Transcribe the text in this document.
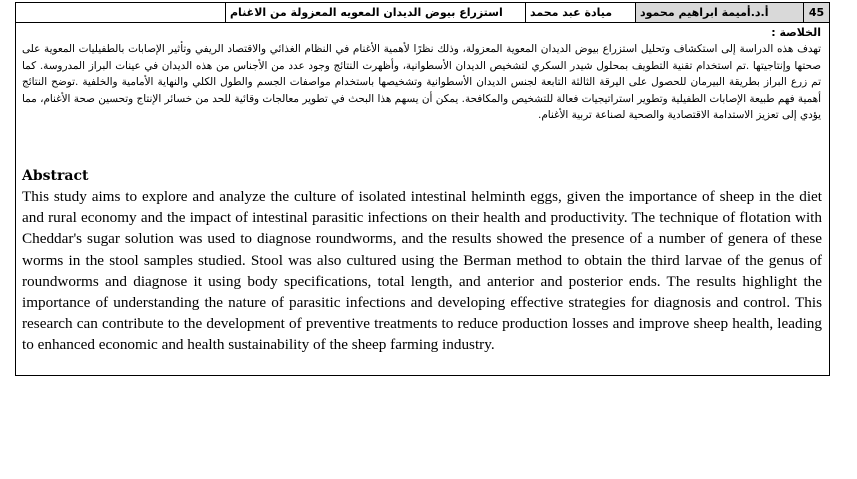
45
أ.د.أميمة ابراهيم محمود
ميادة عبد محمد
استزراع بيوض الديدان المعويه المعزولة من الاغنام
الخلاصة :

تهدف هذه الدراسة إلى استكشاف وتحليل استزراع بيوض الديدان المعوية المعزولة، وذلك نظرًا لأهمية الأغنام في النظام الغذائي والاقتصاد الريفي وتأثير الإصابات بالطفيليات المعوية على صحتها وإنتاجيتها .تم استخدام تقنية التطويف بمحلول شيدر السكري لتشخيص الديدان الأسطوانية، وأظهرت النتائج وجود عدد من الأجناس من هذه الديدان في عينات البراز المدروسة. كما تم زرع البراز بطريقة البيرمان للحصول على اليرقة الثالثة التابعة لجنس الديدان الأسطوانية وتشخيصها باستخدام مواصفات الجسم والطول الكلي والنهاية الأمامية والخلفية .توضح النتائج أهمية فهم طبيعة الإصابات الطفيلية وتطوير استراتيجيات فعالة للتشخيص والمكافحة. يمكن أن يسهم هذا البحث في تطوير معالجات وقائية للحد من خسائر الإنتاج وتحسين صحة الأغنام، مما يؤدي إلى تعزيز الاستدامة الاقتصادية والصحية لصناعة تربية الأغنام.

Abstract

This study aims to explore and analyze the culture of isolated intestinal helminth eggs, given the importance of sheep in the diet and rural economy and the impact of intestinal parasitic infections on their health and productivity. The technique of flotation with Cheddar's sugar solution was used to diagnose roundworms, and the results showed the presence of a number of genera of these worms in the stool samples studied. Stool was also cultured using the Berman method to obtain the third larvae of the genus of roundworms and diagnose it using body specifications, total length, and anterior and posterior ends. The results highlight the importance of understanding the nature of parasitic infections and developing effective strategies for diagnosis and control. This research can contribute to the development of preventive treatments to reduce production losses and improve sheep health, leading to enhanced economic and health sustainability of the sheep farming industry.
